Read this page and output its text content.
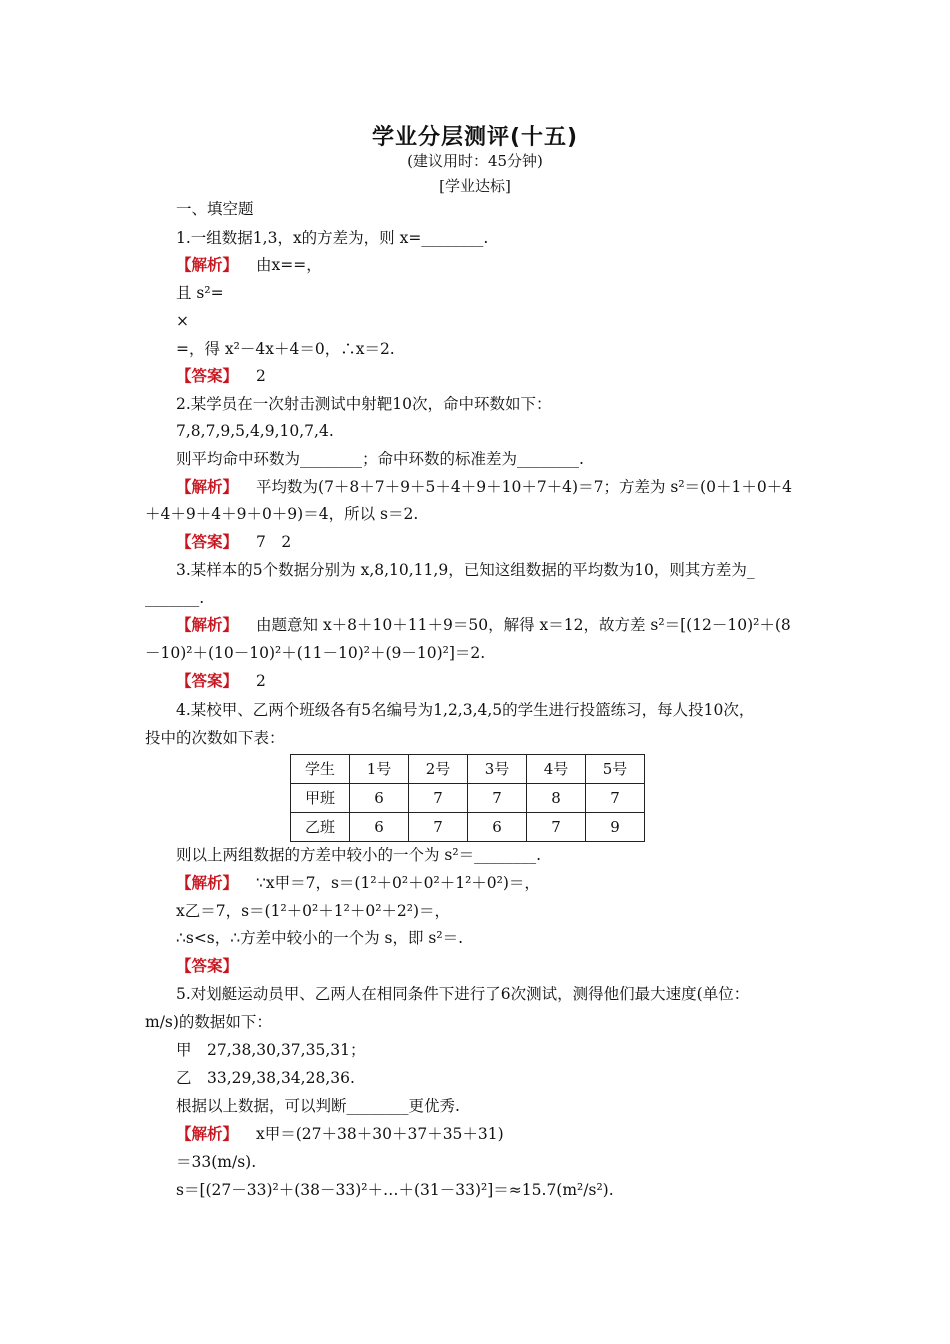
学业分层测评(十五)
(建议用时：45分钟)
[学业达标]
一、填空题
1.一组数据1,3，x的方差为，则 x=________.
【解析】 由x==，
且 s²=
×
=，得 x²－4x＋4＝0，∴x＝2.
【答案】 2
2.某学员在一次射击测试中射靶10次，命中环数如下：
7,8,7,9,5,4,9,10,7,4.
则平均命中环数为________；命中环数的标准差为________.
【解析】 平均数为(7＋8＋7＋9＋5＋4＋9＋10＋7＋4)＝7；方差为 s²＝(0＋1＋0＋4
＋4＋9＋4＋9＋0＋9)＝4，所以 s＝2.
【答案】 7　2
3.某样本的5个数据分别为 x,8,10,11,9，已知这组数据的平均数为10，则其方差为_
_______.
【解析】 由题意知 x＋8＋10＋11＋9＝50，解得 x＝12，故方差 s²＝[(12－10)²＋(8
－10)²＋(10－10)²＋(11－10)²＋(9－10)²]＝2.
【答案】 2
4.某校甲、乙两个班级各有5名编号为1,2,3,4,5的学生进行投篮练习，每人投10次，
投中的次数如下表：
学生	1号	2号	3号	4号	5号
甲班	6	7	7	8	7
乙班	6	7	6	7	9
则以上两组数据的方差中较小的一个为 s²＝________.
【解析】 ∵x甲＝7，s＝(1²＋0²＋0²＋1²＋0²)＝，
x乙＝7，s＝(1²＋0²＋1²＋0²＋2²)＝，
∴s<s，∴方差中较小的一个为 s，即 s²＝.
【答案】
5.对划艇运动员甲、乙两人在相同条件下进行了6次测试，测得他们最大速度(单位：
m/s)的数据如下：
甲　27,38,30,37,35,31；
乙　33,29,38,34,28,36.
根据以上数据，可以判断________更优秀.
【解析】 x甲＝(27＋38＋30＋37＋35＋31)
＝33(m/s).
s＝[(27－33)²＋(38－33)²＋…＋(31－33)²]＝≈15.7(m²/s²).
